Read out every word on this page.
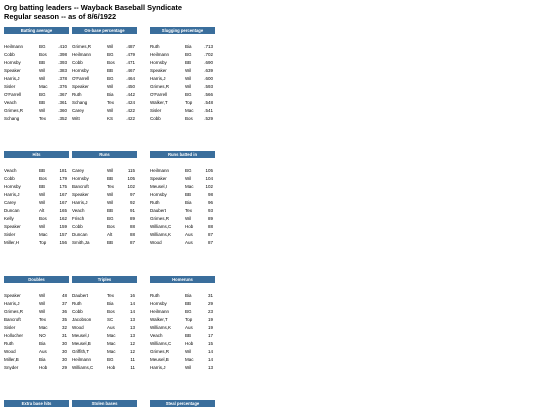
Org batting leaders -- Wayback Baseball Syndicate
Regular season -- as of 8/6/1922
Batting average
Heilmann	BG	.410
Cobb	Bos	.398
Hornsby	BB	.393
Speaker	Wil	.383
Harris,J	Wil	.378
Sisler	Mac .376
O'Farrell	BG	.367
Veach	BB	.361
Grimes,R	Wil	.360
Schang	Tex	.352
On-base percentage
Grimes,R	Wil	.487
Heilmann	BG	.479
Cobb	Bos	.471
Hornsby	BB	.467
O'Farrell	BG	.464
Speaker	Wil	.450
Ruth	Bia	.442
Schang	Tex	.424
Carey	Wil	.422
Witt	KS	.422
Slugging percentage
Ruth	Bia	.713
Heilmann	BG	.702
Hornsby	BB	.690
Speaker	Wil	.639
Harris,J	Wil	.600
Grimes,R	Wil	.593
O'Farrell	BG	.566
Walker,T	Top	.548
Sisler	Mac .541
Cobb	Bos	.529
Hits
Veach	BB	181
Cobb	Bos	179
Hornsby	BB	175
Harris,J	Wil	167
Carey	Wil	167
Duncan	Alt	165
Kelly	Bos	162
Speaker	Wil	159
Sisler	Mac	157
Miller,H	Top	156
Runs
Carey	Wil	115
Hornsby	BB	105
Bancroft	Tex	102
Speaker	Wil	97
Harris,J	Wil	92
Veach	BB	91
Frisch	BG	89
Cobb	Bos	88
Duncan	Alt	88
Smith,Ja	BB	87
Runs batted in
Heilmann	BG	105
Speaker	Wil	104
Meusel,I	Mac	102
Hornsby	BB	98
Ruth	Bia	96
Daubert	Tex	93
Grimes,R	Wil	89
Williams,C	Hob	88
Williams,K	Aus	87
Wood	Aus	87
Doubles
Speaker	Wil	48
Harris,J	Wil	37
Grimes,R	Wil	36
Bancroft	Tex	35
Sisler	Mac	32
Hollocher	NO	31
Ruth	Bia	30
Wood	Aus	30
Miller,B	Bia	30
Snyder	Hob	29
Triples
Daubert	Tex	16
Ruth	Bia	14
Cobb	Bos	14
Jacobson	SC	13
Wood	Aus	13
Meusel,I	Mac	13
Meusel,B	Mac	12
Griffith,T	Mac	12
Heilmann	BG	11
Williams,C	Hob	11
Homeruns
Ruth	Bia	31
Hornsby	BB	29
Heilmann	BG	23
Walker,T	Top	19
Williams,K	Aus	19
Veach	BB	17
Williams,C	Hob	15
Grimes,R	Wil	14
Meusel,B	Mac	14
Harris,J	Wil	13
Extra base hits	Stolen bases	Steal percentage
